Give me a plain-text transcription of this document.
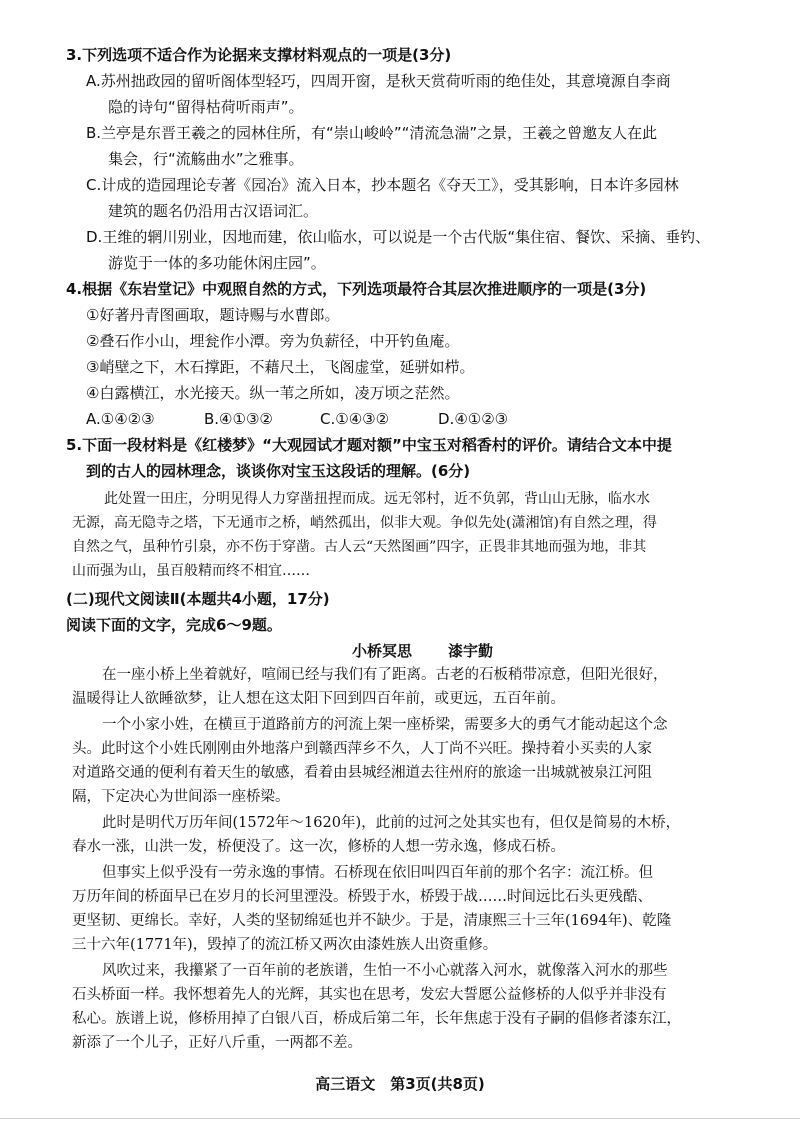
3.下列选项不适合作为论据来支撑材料观点的一项是(3分)
A.苏州拙政园的留听阁体型轻巧，四周开窗，是秋天赏荷听雨的绝佳处，其意境源自李商
隐的诗句“留得枯荷听雨声”。
B.兰亭是东晋王羲之的园林住所，有“崇山峻岭”“清流急湍”之景，王羲之曾邀友人在此
集会，行“流觞曲水”之雅事。
C.计成的造园理论专著《园冶》流入日本，抄本题名《夺天工》，受其影响，日本许多园林
建筑的题名仍沿用古汉语词汇。
D.王维的辋川别业，因地而建，依山临水，可以说是一个古代版“集住宿、餐饮、采摘、垂钓、
游览于一体的多功能休闲庄园”。
4.根据《东岩堂记》中观照自然的方式，下列选项最符合其层次推进顺序的一项是(3分)
①好著丹青图画取，题诗赐与水曹郎。
②叠石作小山，埋瓮作小潭。旁为负薪径，中开钓鱼庵。
③峭壁之下，木石撑距，不藉尺土，飞阁虚堂，延骈如栉。
④白露横江，水光接天。纵一苇之所如，凌万顷之茫然。
A.①④②③	B.④①③②	C.①④③②	D.④①②③
5.下面一段材料是《红楼梦》“大观园试才题对额”中宝玉对稻香村的评价。请结合文本中提
到的古人的园林理念，谈谈你对宝玉这段话的理解。(6分)
此处置一田庄，分明见得人力穿凿扭捏而成。远无邻村，近不负郭，背山山无脉，临水水
无源，高无隐寺之塔，下无通市之桥，峭然孤出，似非大观。争似先处(潇湘馆)有自然之理，得
自然之气，虽种竹引泉，亦不伤于穿凿。古人云“天然图画”四字，正畏非其地而强为地，非其
山而强为山，虽百般精而终不相宜……
(二)现代文阅读Ⅱ(本题共4小题，17分)
阅读下面的文字，完成6～9题。
小桥冥思	漆宇勤
在一座小桥上坐着就好，喧闹已经与我们有了距离。古老的石板稍带凉意，但阳光很好，
温暖得让人欲睡欲梦，让人想在这太阳下回到四百年前，或更远，五百年前。
一个小家小姓，在横亘于道路前方的河流上架一座桥梁，需要多大的勇气才能动起这个念
头。此时这个小姓氏刚刚由外地落户到赣西萍乡不久，人丁尚不兴旺。操持着小买卖的人家
对道路交通的便利有着天生的敏感，看着由县城经湘道去往州府的旅途一出城就被泉江河阻
隔，下定决心为世间添一座桥梁。
此时是明代万历年间(1572年～1620年)，此前的过河之处其实也有，但仅是简易的木桥，
春水一涨，山洪一发，桥便没了。这一次，修桥的人想一劳永逸，修成石桥。
但事实上似乎没有一劳永逸的事情。石桥现在依旧叫四百年前的那个名字：流江桥。但
万历年间的桥面早已在岁月的长河里湮没。桥毁于水，桥毁于战……时间远比石头更残酷、
更坚韧、更绵长。幸好，人类的坚韧绵延也并不缺少。于是，清康熙三十三年(1694年)、乾隆
三十六年(1771年)，毁掉了的流江桥又两次由漆姓族人出资重修。
风吹过来，我攥紧了一百年前的老族谱，生怕一不小心就落入河水，就像落入河水的那些
石头桥面一样。我怀想着先人的光辉，其实也在思考，发宏大誓愿公益修桥的人似乎并非没有
私心。族谱上说，修桥用掉了白银八百，桥成后第二年，长年焦虑于没有子嗣的倡修者漆东江，
新添了一个儿子，正好八斤重，一两都不差。
高三语文　第3页(共8页)
